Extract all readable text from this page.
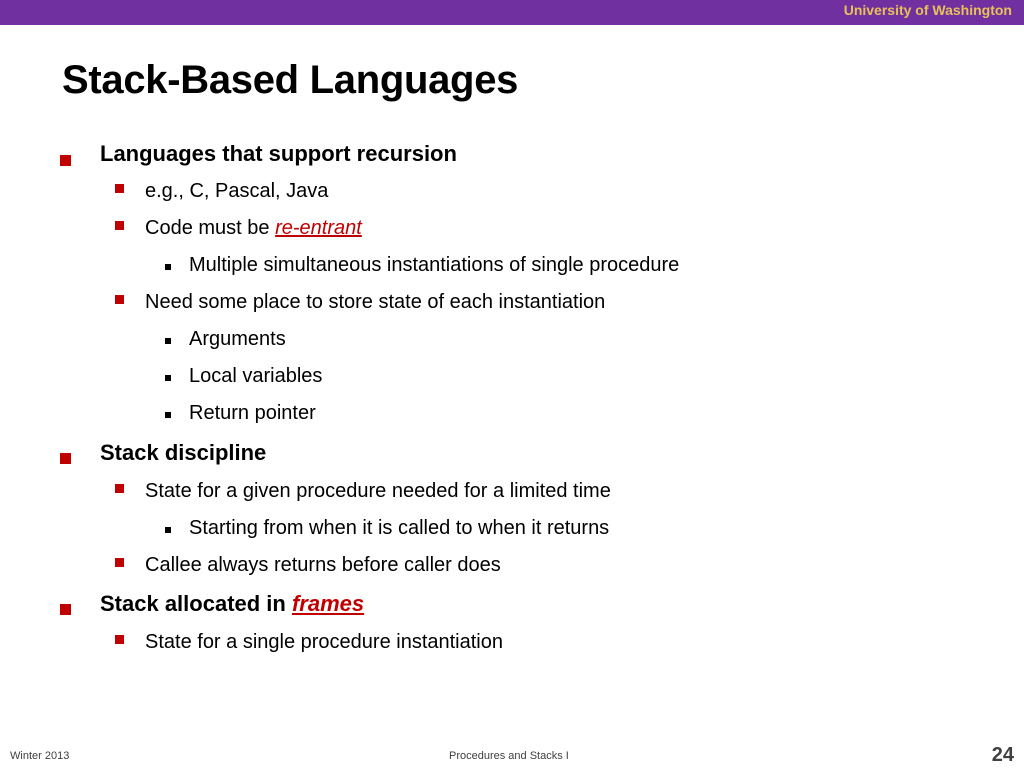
University of Washington
Stack-Based Languages
Languages that support recursion
e.g., C, Pascal, Java
Code must be re-entrant
Multiple simultaneous instantiations of single procedure
Need some place to store state of each instantiation
Arguments
Local variables
Return pointer
Stack discipline
State for a given procedure needed for a limited time
Starting from when it is called to when it returns
Callee always returns before caller does
Stack allocated in frames
State for a single procedure instantiation
Winter 2013	Procedures and Stacks I	24
